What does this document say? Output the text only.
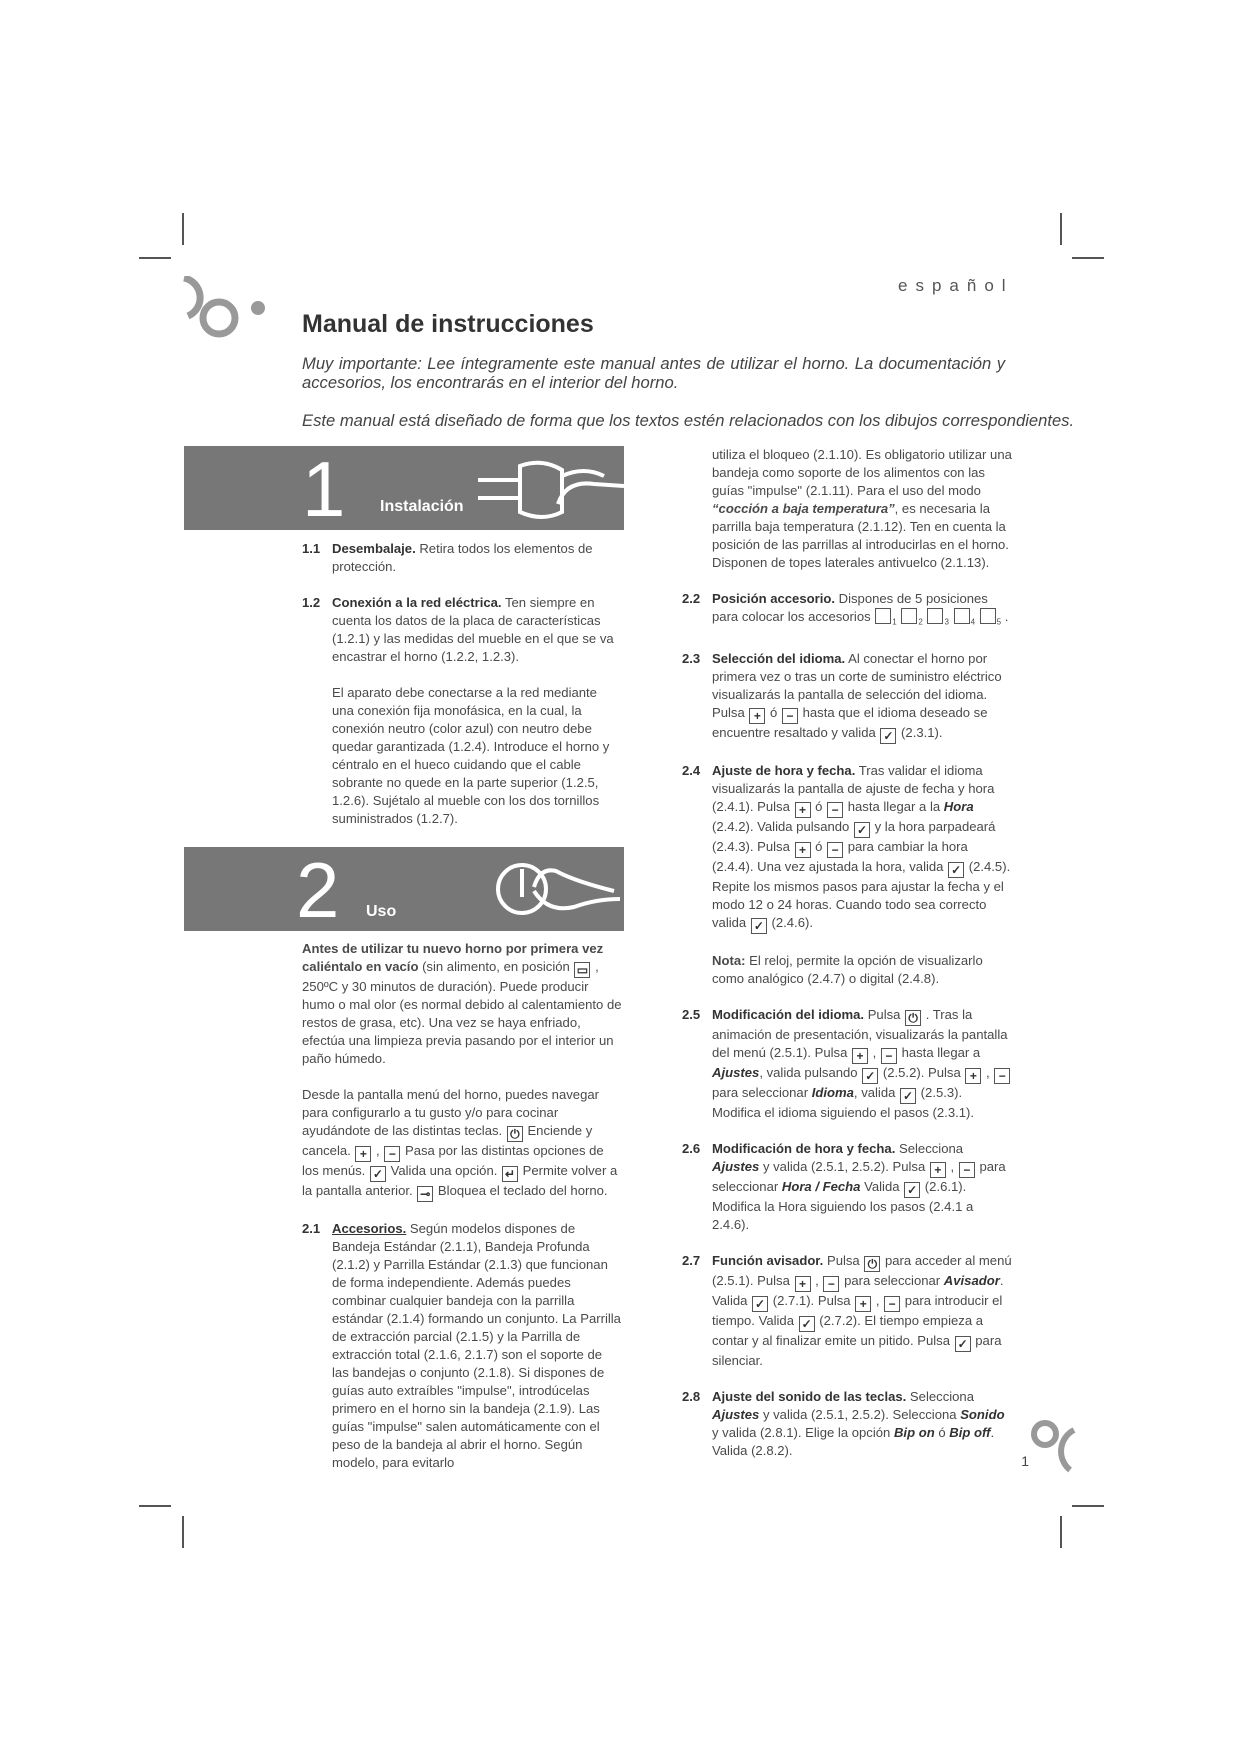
español
Manual de instrucciones
Muy importante: Lee íntegramente este manual antes de utilizar el horno. La documentación y accesorios, los encontrarás en el interior del horno.
Este manual está diseñado de forma que los textos estén relacionados con los dibujos correspondientes.
1 Instalación
2 Uso
1.1 Desembalaje. Retira todos los elementos de protección.
1.2 Conexión a la red eléctrica. Ten siempre en cuenta los datos de la placa de características (1.2.1) y las medidas del mueble en el que se va encastrar el horno (1.2.2, 1.2.3).

El aparato debe conectarse a la red mediante una conexión fija monofásica, en la cual, la conexión neutro (color azul) con neutro debe quedar garantizada (1.2.4). Introduce el horno y céntralo en el hueco cuidando que el cable sobrante no quede en la parte superior (1.2.5, 1.2.6). Sujétalo al mueble con los dos tornillos suministrados (1.2.7).

Antes de utilizar tu nuevo horno por primera vez caliéntalo en vacío (sin alimento, en posición ▭ , 250ºC y 30 minutos de duración). Puede producir humo o mal olor (es normal debido al calentamiento de restos de grasa, etc). Una vez se haya enfriado, efectúa una limpieza previa pasando por el interior un paño húmedo.

Desde la pantalla menú del horno, puedes navegar para configurarlo a tu gusto y/o para cocinar ayudándote de las distintas teclas. ⏻ Enciende y cancela. + , − Pasa por las distintas opciones de los menús. ✓ Valida una opción. ↵ Permite volver a la pantalla anterior. ⊸ Bloquea el teclado del horno.

2.1 Accesorios. Según modelos dispones de Bandeja Estándar (2.1.1), Bandeja Profunda (2.1.2) y Parrilla Estándar (2.1.3) que funcionan de forma independiente. Además puedes combinar cualquier bandeja con la parrilla estándar (2.1.4) formando un conjunto. La Parrilla de extracción parcial (2.1.5) y la Parrilla de extracción total (2.1.6, 2.1.7) son el soporte de las bandejas o conjunto (2.1.8). Si dispones de guías auto extraíbles "impulse", introdúcelas primero en el horno sin la bandeja (2.1.9). Las guías "impulse" salen automáticamente con el peso de la bandeja al abrir el horno. Según modelo, para evitarlo

utiliza el bloqueo (2.1.10). Es obligatorio utilizar una bandeja como soporte de los alimentos con las guías "impulse" (2.1.11). Para el uso del modo “cocción a baja temperatura”, es necesaria la parrilla baja temperatura (2.1.12). Ten en cuenta la posición de las parrillas al introducirlas en el horno. Disponen de topes laterales antivuelco (2.1.13).

2.2 Posición accesorio. Dispones de 5 posiciones para colocar los accesorios	$_1$	$_2$	$_3$	$_4$	$_5$ .
2.3 Selección del idioma. Al conectar el horno por primera vez o tras un corte de suministro eléctrico visualizarás la pantalla de selección del idioma. Pulsa + ó − hasta que el idioma deseado se encuentre resaltado y valida ✓ (2.3.1).
2.4 Ajuste de hora y fecha. Tras validar el idioma visualizarás la pantalla de ajuste de fecha y hora (2.4.1). Pulsa + ó − hasta llegar a la Hora (2.4.2). Valida pulsando ✓ y la hora parpadeará (2.4.3). Pulsa + ó − para cambiar la hora (2.4.4). Una vez ajustada la hora, valida ✓ (2.4.5). Repite los mismos pasos para ajustar la fecha y el modo 12 o 24 horas. Cuando todo sea correcto valida ✓ (2.4.6).

Nota: El reloj, permite la opción de visualizarlo como analógico (2.4.7) o digital (2.4.8).

2.5 Modificación del idioma. Pulsa ⏻ . Tras la animación de presentación, visualizarás la pantalla del menú (2.5.1). Pulsa + , − hasta llegar a Ajustes, valida pulsando ✓ (2.5.2). Pulsa + , − para seleccionar Idioma, valida ✓ (2.5.3). Modifica el idioma siguiendo el pasos (2.3.1).
2.6 Modificación de hora y fecha. Selecciona Ajustes y valida (2.5.1, 2.5.2). Pulsa + , − para seleccionar Hora / Fecha Valida ✓ (2.6.1). Modifica la Hora siguiendo los pasos (2.4.1 a 2.4.6).
2.7 Función avisador. Pulsa ⏻ para acceder al menú (2.5.1). Pulsa + , − para seleccionar Avisador. Valida ✓ (2.7.1). Pulsa + , − para introducir el tiempo. Valida ✓ (2.7.2). El tiempo empieza a contar y al finalizar emite un pitido. Pulsa ✓ para silenciar.
2.8 Ajuste del sonido de las teclas. Selecciona Ajustes y valida (2.5.1, 2.5.2). Selecciona Sonido y valida (2.8.1). Elige la opción Bip on ó Bip off. Valida (2.8.2).
1
